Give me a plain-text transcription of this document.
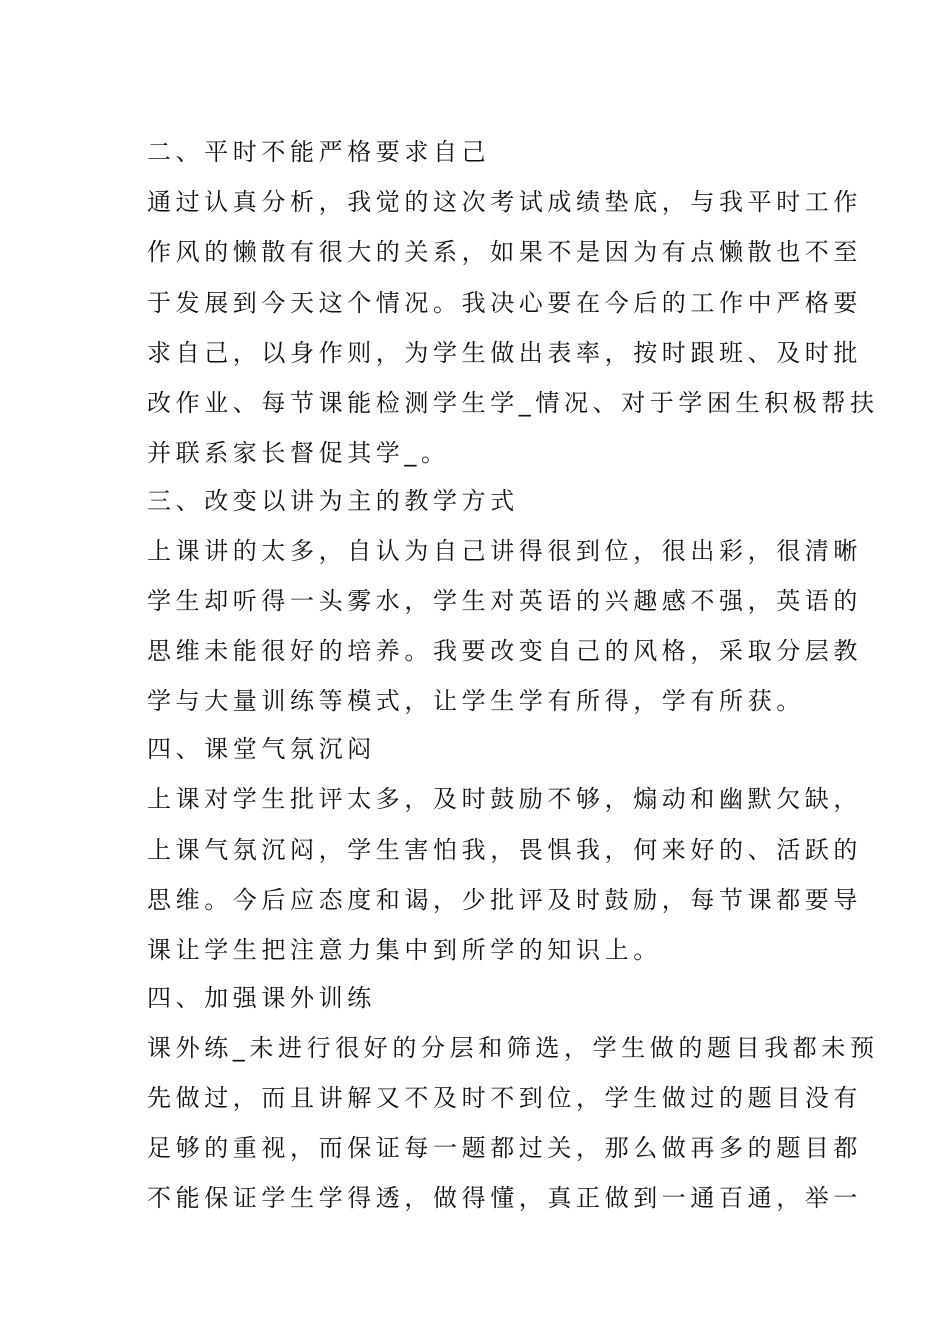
二、平时不能严格要求自己
通过认真分析，我觉的这次考试成绩垫底，与我平时工作
作风的懒散有很大的关系，如果不是因为有点懒散也不至
于发展到今天这个情况。我决心要在今后的工作中严格要
求自己，以身作则，为学生做出表率，按时跟班、及时批
改作业、每节课能检测学生学_情况、对于学困生积极帮扶
并联系家长督促其学_。
三、改变以讲为主的教学方式
上课讲的太多，自认为自己讲得很到位，很出彩，很清晰
学生却听得一头雾水，学生对英语的兴趣感不强，英语的
思维未能很好的培养。我要改变自己的风格，采取分层教
学与大量训练等模式，让学生学有所得，学有所获。
四、课堂气氛沉闷
上课对学生批评太多，及时鼓励不够，煽动和幽默欠缺，
上课气氛沉闷，学生害怕我，畏惧我，何来好的、活跃的
思维。今后应态度和谒，少批评及时鼓励，每节课都要导
课让学生把注意力集中到所学的知识上。
四、加强课外训练
课外练_未进行很好的分层和筛选，学生做的题目我都未预
先做过，而且讲解又不及时不到位，学生做过的题目没有
足够的重视，而保证每一题都过关，那么做再多的题目都
不能保证学生学得透，做得懂，真正做到一通百通，举一
